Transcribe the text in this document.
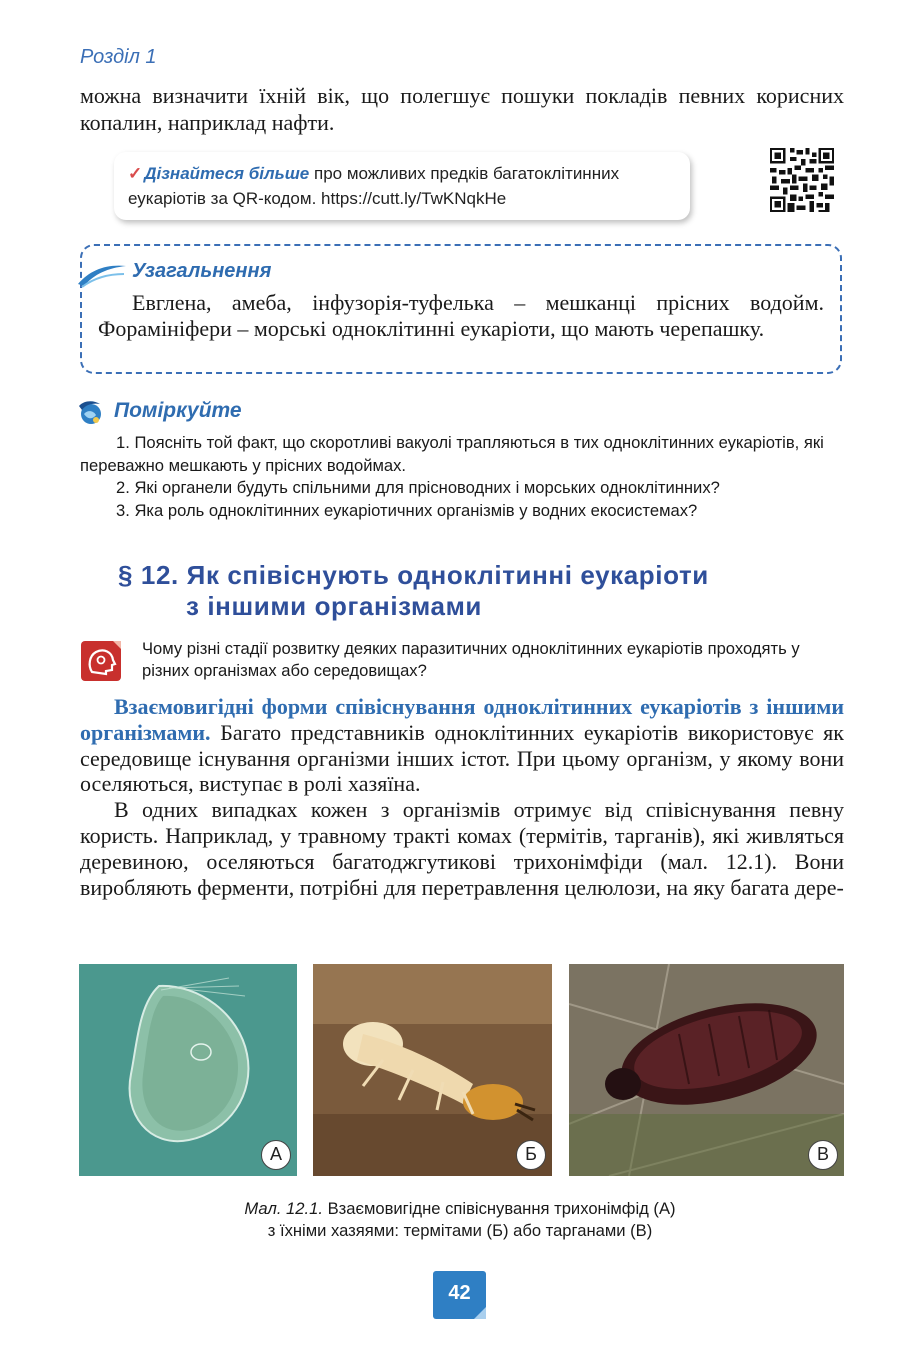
Розділ 1
можна визначити їхній вік, що полегшує пошуки покладів певних корисних копалин, наприклад нафти.
✓ Дізнайтеся більше про можливих предків багатоклітинних еукаріотів за QR-кодом. https://cutt.ly/TwKNqkHe
Узагальнення
Евглена, амеба, інфузорія-туфелька – мешканці прісних водойм. Форамініфери – морські одноклітинні еукаріоти, що мають черепашку.
Поміркуйте

1. Поясніть той факт, що скоротливі вакуолі трапляються в тих одноклітинних еукаріотів, які переважно мешкають у прісних водоймах.

2. Які органели будуть спільними для прісноводних і морських одноклітинних?

3. Яка роль одноклітинних еукаріотичних організмів у водних екосистемах?

§ 12. Як співіснують одноклітинні еукаріоти
з іншими організмами
Чому різні стадії розвитку деяких паразитичних одноклітинних еукаріотів проходять у різних організмах або середовищах?

Взаємовигідні форми співіснування одноклітинних еукаріотів з іншими організмами. Багато представників одноклітинних еукаріотів використовує як середовище існування організми інших істот. При цьому організм, у якому вони оселяються, виступає в ролі хазяїна.

В одних випадках кожен з організмів отримує від співіснування певну користь. Наприклад, у травному тракті комах (термітів, тарганів), які живляться деревиною, оселяються багатоджгутикові трихонімфіди (мал. 12.1). Вони виробляють ферменти, потрібні для перетравлення целюлози, на яку багата дере-

А	Б	В
Мал. 12.1. Взаємовигідне співіснування трихонімфід (А)
з їхніми хазяями: термітами (Б) або тарганами (В)
42
